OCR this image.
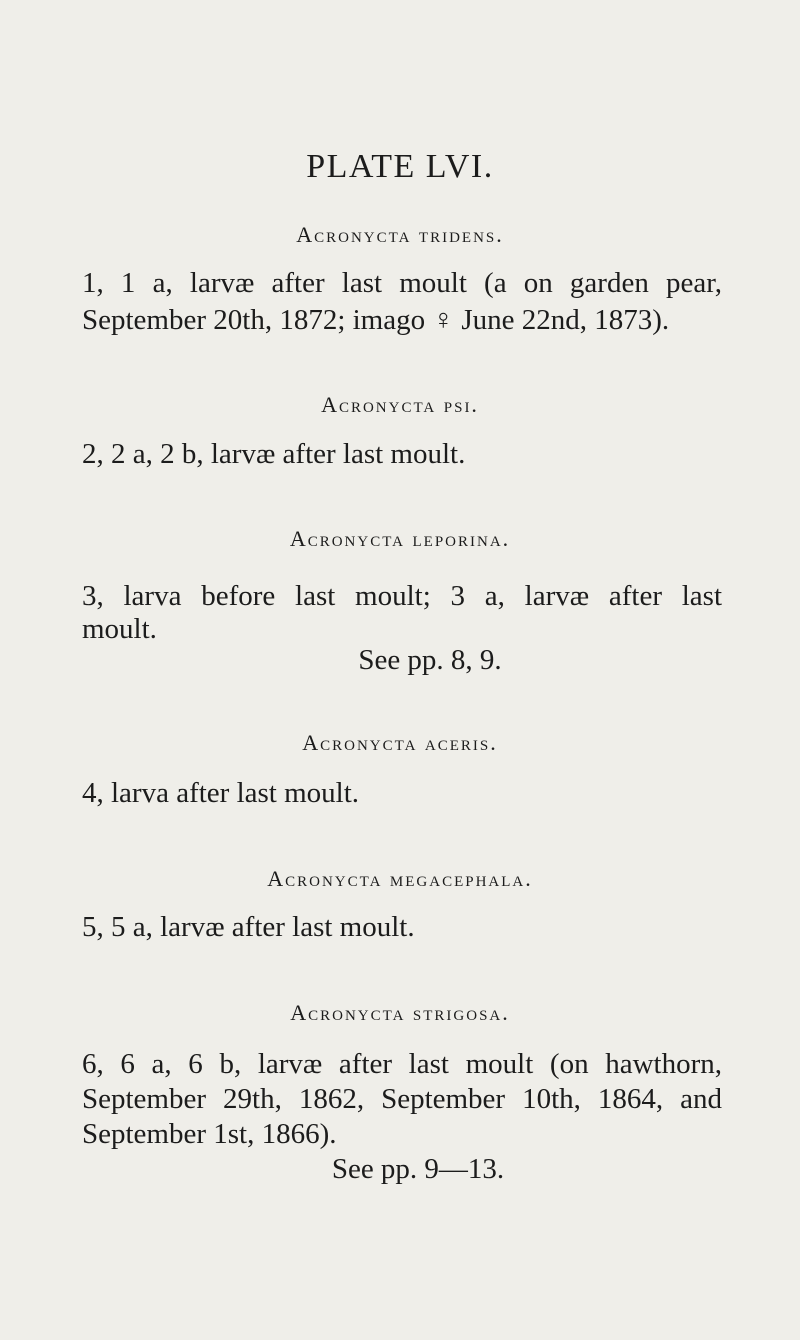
PLATE LVI.
Acronycta tridens.
1, 1 a, larvæ after last moult (a on garden pear,
September 20th, 1872; imago ♀ June 22nd, 1873).
Acronycta psi.
2, 2 a, 2 b, larvæ after last moult.
Acronycta leporina.
3, larva before last moult; 3 a, larvæ after last
moult.
See pp. 8, 9.
Acronycta aceris.
4, larva after last moult.
Acronycta megacephala.
5, 5 a, larvæ after last moult.
Acronycta strigosa.
6, 6 a, 6 b, larvæ after last moult (on hawthorn,
September 29th, 1862, September 10th, 1864, and
September 1st, 1866).
See pp. 9—13.
